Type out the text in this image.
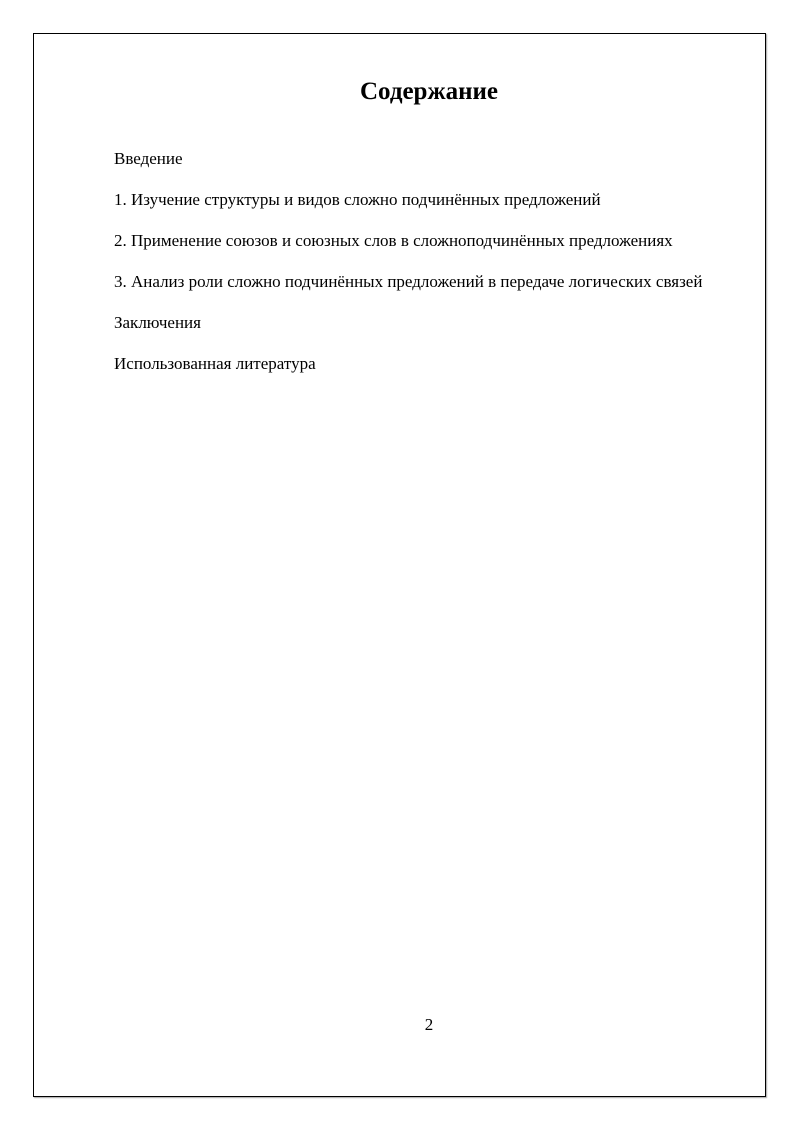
Содержание
Введение
1. Изучение структуры и видов сложно подчинённых предложений
2. Применение союзов и союзных слов в сложноподчинённых предложениях
3. Анализ роли сложно подчинённых предложений в передаче логических связей
Заключения
Использованная литература
2
